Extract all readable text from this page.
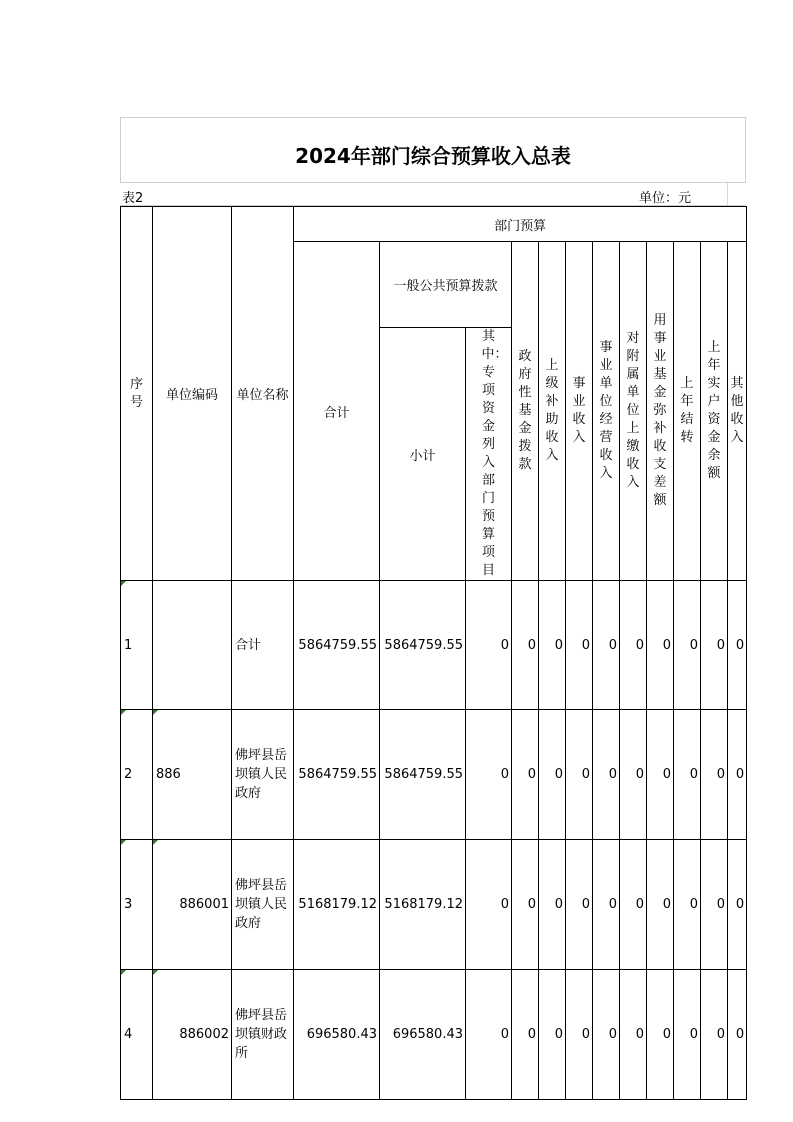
2024年部门综合预算收入总表
表2	单位：元
序号	单位编码	单位名称	部门预算											
			合计	一般公共预算拨款		政府性基金拨款	上级补助收入	事业收入	事业单位经营收入	对附属单位上缴收入	用事业基金弥补收支差额	上年结转	上年实户资金余额	其他收入
				小计	其中：专项资金列入部门预算项目									

1		合计	5864759.55	5864759.55	0	0	0	0	0	0	0	0	0	0

2	886	佛坪县岳坝镇人民政府	5864759.55	5864759.55	0	0	0	0	0	0	0	0	0	0

3	886001	佛坪县岳坝镇人民政府	5168179.12	5168179.12	0	0	0	0	0	0	0	0	0	0

4	886002	佛坪县岳坝镇财政所	696580.43	696580.43	0	0	0	0	0	0	0	0	0	0
